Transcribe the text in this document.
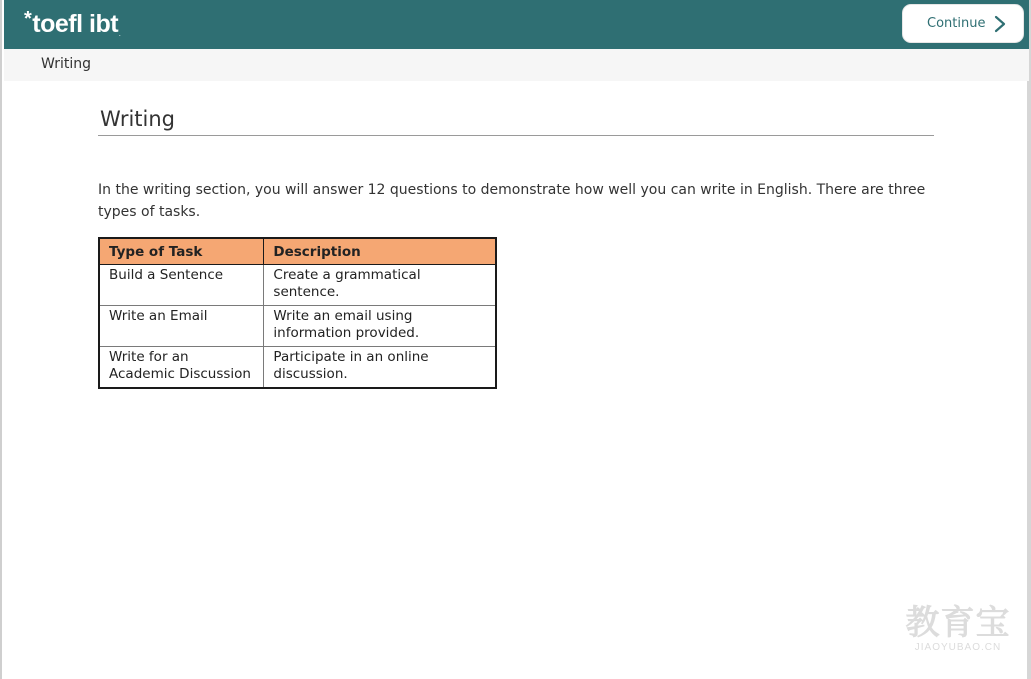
* toefl ibt .
Continue
Writing
Writing
In the writing section, you will answer 12 questions to demonstrate how well you can write in English. There are three types of tasks.
Type of Task	Description
Build a Sentence	Create a grammatical sentence.
Write an Email	Write an email using information provided.
Write for an Academic Discussion	Participate in an online discussion.
教育宝
JIAOYUBAO.CN
